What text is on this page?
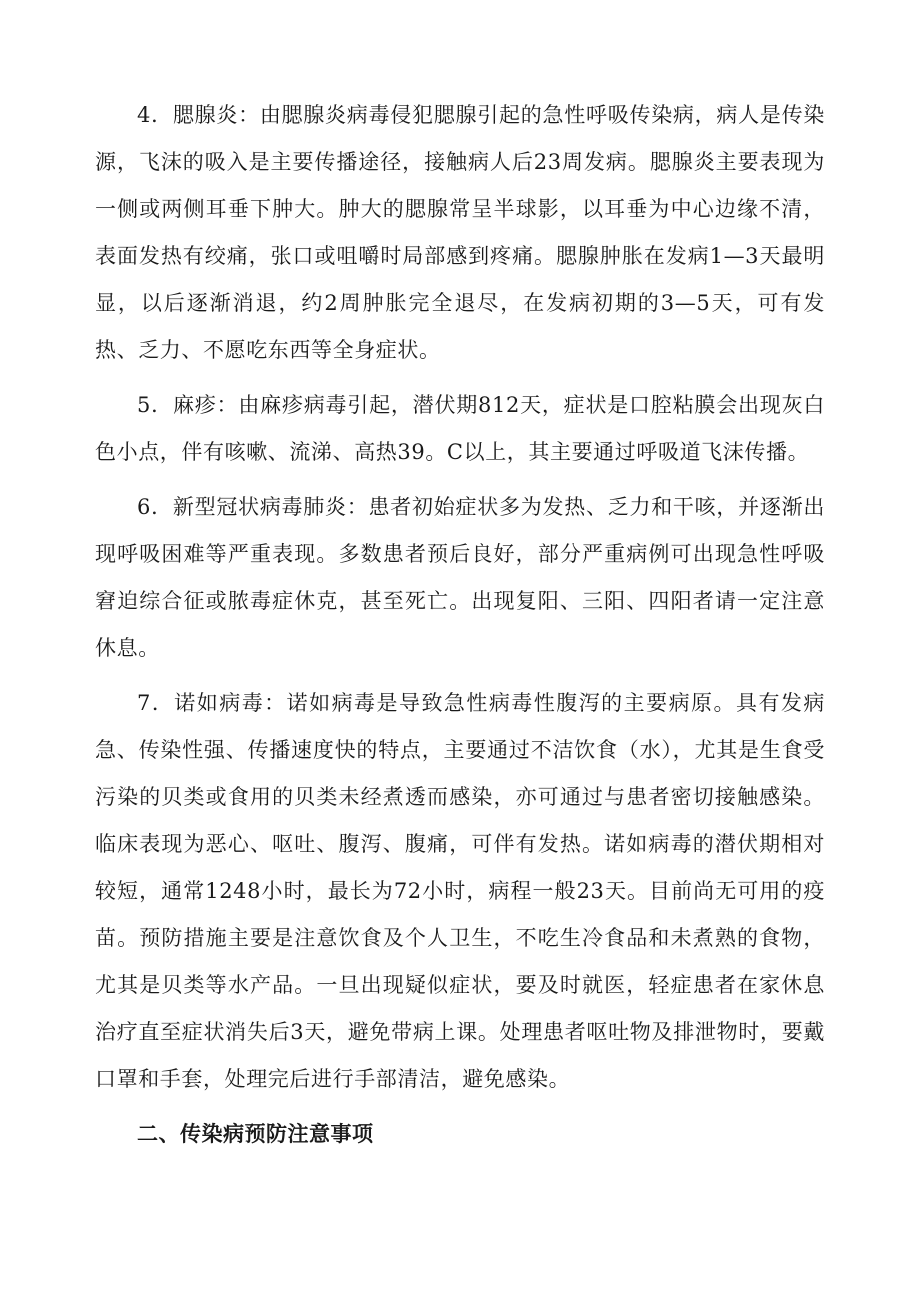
4．腮腺炎：由腮腺炎病毒侵犯腮腺引起的急性呼吸传染病，病人是传染源，飞沫的吸入是主要传播途径，接触病人后23周发病。腮腺炎主要表现为一侧或两侧耳垂下肿大。肿大的腮腺常呈半球影，以耳垂为中心边缘不清，表面发热有绞痛，张口或咀嚼时局部感到疼痛。腮腺肿胀在发病1—3天最明显，以后逐渐消退，约2周肿胀完全退尽，在发病初期的3—5天，可有发热、乏力、不愿吃东西等全身症状。

5．麻疹：由麻疹病毒引起，潜伏期812天，症状是口腔粘膜会出现灰白色小点，伴有咳嗽、流涕、高热39。C以上，其主要通过呼吸道飞沫传播。

6．新型冠状病毒肺炎：患者初始症状多为发热、乏力和干咳，并逐渐出现呼吸困难等严重表现。多数患者预后良好，部分严重病例可出现急性呼吸窘迫综合征或脓毒症休克，甚至死亡。出现复阳、三阳、四阳者请一定注意休息。

7．诺如病毒：诺如病毒是导致急性病毒性腹泻的主要病原。具有发病急、传染性强、传播速度快的特点，主要通过不洁饮食（水），尤其是生食受污染的贝类或食用的贝类未经煮透而感染，亦可通过与患者密切接触感染。临床表现为恶心、呕吐、腹泻、腹痛，可伴有发热。诺如病毒的潜伏期相对较短，通常1248小时，最长为72小时，病程一般23天。目前尚无可用的疫苗。预防措施主要是注意饮食及个人卫生，不吃生冷食品和未煮熟的食物，尤其是贝类等水产品。一旦出现疑似症状，要及时就医，轻症患者在家休息治疗直至症状消失后3天，避免带病上课。处理患者呕吐物及排泄物时，要戴口罩和手套，处理完后进行手部清洁，避免感染。

二、传染病预防注意事项
